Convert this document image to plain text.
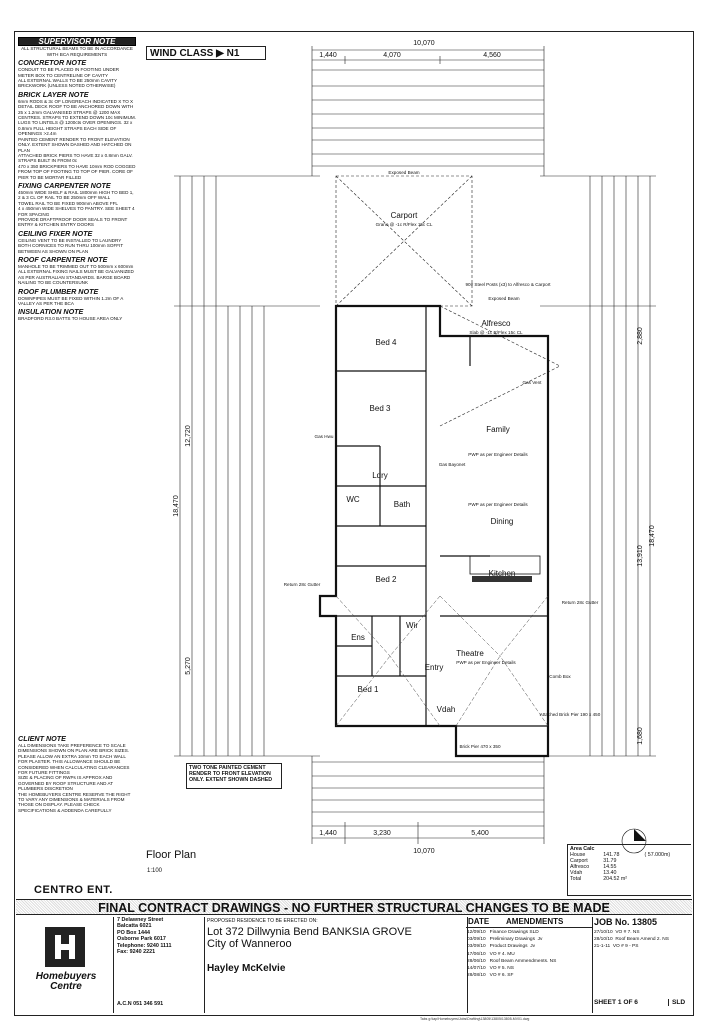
SUPERVISOR NOTE

ALL STRUCTURAL BEAMS TO BE IN ACCORDANCE WITH BCA REQUIREMENTS

CONCRETOR NOTE

CONDUIT TO BE PLACED IN FOOTING UNDER METER BOX TO CENTRELINE OF CAVITY
ALL EXTERNAL WALLS TO BE 250mm CAVITY BRICKWORK (UNLESS NOTED OTHERWISE)

BRICK LAYER NOTE

6mm RODS & 3c OF LONGREACH INDICATED X TO X
DETAIL DECK ROOF TO BE ANCHORED DOWN WITH 25 x 1.2mm GALVANISED STRAPS @ 1200 MAX CENTRES. STRAPS TO EXTEND DOWN 10c MINIMUM. LUGS TO LINTELS @ 1200cts OVER OPENINGS. 32 x 0.8mm FULL HEIGHT STRAPS EACH SIDE OF OPENINGS >2.4m
PAINTED CEMENT RENDER TO FRONT ELEVATION ONLY. EXTENT SHOWN DASHED AND HATCHED ON PLAN
ATTACHED BRICK PIERS TO HAVE 32 x 0.8mm GALV. STRAPS BUILT IN FROM 0c
470 x 350 BRICKPIERS TO HAVE 10mm ROD COGGED FROM TOP OF FOOTING TO TOP OF PIER. CORE OF PIER TO BE MORTAR FILLED

FIXING CARPENTER NOTE

450mm WIDE SHELF & RAIL 1800mm HIGH TO BED 1, 2 & 3 CL OF RAIL TO BE 250mm OFF WALL
TOWEL RAIL TO BE FIXED 900mm ABOVE FFL
4 x 450mm WIDE SHELVES TO PANTRY. SEE SHEET 4 FOR SPACING
PROVIDE DRAFTPROOF DOOR SEALS TO FRONT ENTRY & KITCHEN ENTRY DOORS

CEILING FIXER NOTE

CEILING VENT TO BE INSTALLED TO LAUNDRY
BOTH CORNICES TO RUN THRU 100mm SOFFIT BETWEEN AS SHOWN ON PLAN

ROOF CARPENTER NOTE

MANHOLE TO BE TRIMMED OUT TO 500mm x 600mm
ALL EXTERNAL FIXING NAILS MUST BE GALVANIZED AS PER AUSTRALIAN STANDARDS. BARGE BOARD NAILING TO BE COUNTERSUNK

ROOF PLUMBER NOTE

DOWNPIPES MUST BE FIXED WITHIN 1.2m OF A VALLEY AS PER THE BCA

INSULATION NOTE

BRADFORD R3.0 BATTS TO HOUSE AREA ONLY

WIND CLASS ▶ N1
10,070
1,440	4,070	4,560
10,070
1,440	3,230	5,400
18,470
12,720
5,270
18,470
13,910
2,880
1,680
Carport
Bed 4
Alfresco
Bed 3
Family
Ldry
Dining
Bath
Kitchen
Bed 2
WC
Ens
Wir
Theatre
Entry
Bed 1
Vdah
Exposed Beam
Gas Vent
Gas Hwu
Gas Bayonet
PWP as per Engineer Details
PWP as per Engineer Details
PWP as per Engineer Details
Return 28c Gutter
Return 28c Gutter
Attached Brick Pier 190 x 450
Comb Box
Brick Pier 470 x 350
90# Steel Posts (x3) to Alfresco & Carport
Exposed Beam
Grano @ -1c R/Flex 15c CL
Slab @ -1c R/Flex 15c CL
CLIENT NOTE

ALL DIMENSIONS TAKE PREFERENCE TO SCALE
DIMENSIONS SHOWN ON PLAN ARE BRICK SIZES. PLEASE ALLOW AN EXTRA 10mm TO EACH WALL FOR PLASTER. THIS ALLOWANCE SHOULD BE CONSIDERED WHEN CALCULATING CLEARANCES FOR FUTURE FITTINGS
SIZE & PLACING OF RWPs IS APPROX AND GOVERNED BY ROOF STRUCTURE AND AT PLUMBERS DISCRETION
THE HOMEBUYERS CENTRE RESERVE THE RIGHT TO VARY ANY DIMENSIONS & MATERIALS FROM THOSE ON DISPLAY. PLEASE CHECK SPECIFICATIONS & ADDENDA CAREFULLY

TWO TONE PAINTED CEMENT RENDER TO FRONT ELEVATION ONLY. EXTENT SHOWN DASHED
Floor Plan
1:100
Area Calc
House	141.78	( 57.000m)
Carport	31.79	
Alfresco	14.55	
Vdah	13.40	
Total	204.52 m²	
CENTRO ENT.
FINAL CONTRACT DRAWINGS - NO FURTHER STRUCTURAL CHANGES TO BE MADE
Homebuyers Centre
7 Delawney Street
Balcatta 6021
PO Box 1444
Osborne Park 6017
Telephone: 9240 1111
Fax: 9240 2221
A.C.N 051 346 591
PROPOSED RESIDENCE TO BE ERECTED ON:
Lot 372 Dillwynia Bend BANKSIA GROVE
City of Wanneroo
Hayley McKelvie
DATE AMENDMENTS
12/09/10   Finance Drawings SLD
03/09/10   Preliminary Drawings  Jv
03/09/10   Product Drawings  Jv
17/06/10   VO # 4. MU
28/06/10   Roof Beam Ammendments. NS
14/07/10   VO # 5. NS
28/08/10   VO # 6. SF
JOB No. 13805
27/10/10  VO # 7. NS
28/10/10  Roof Beam Amend 2. NS
21-1-11  VO # 9 - PS
SHEET 1 OF 6	SLD
Tabs g:\tap\Homebuyers\Jobs\Drafting\13805\13805\13805-MV01.dwg
